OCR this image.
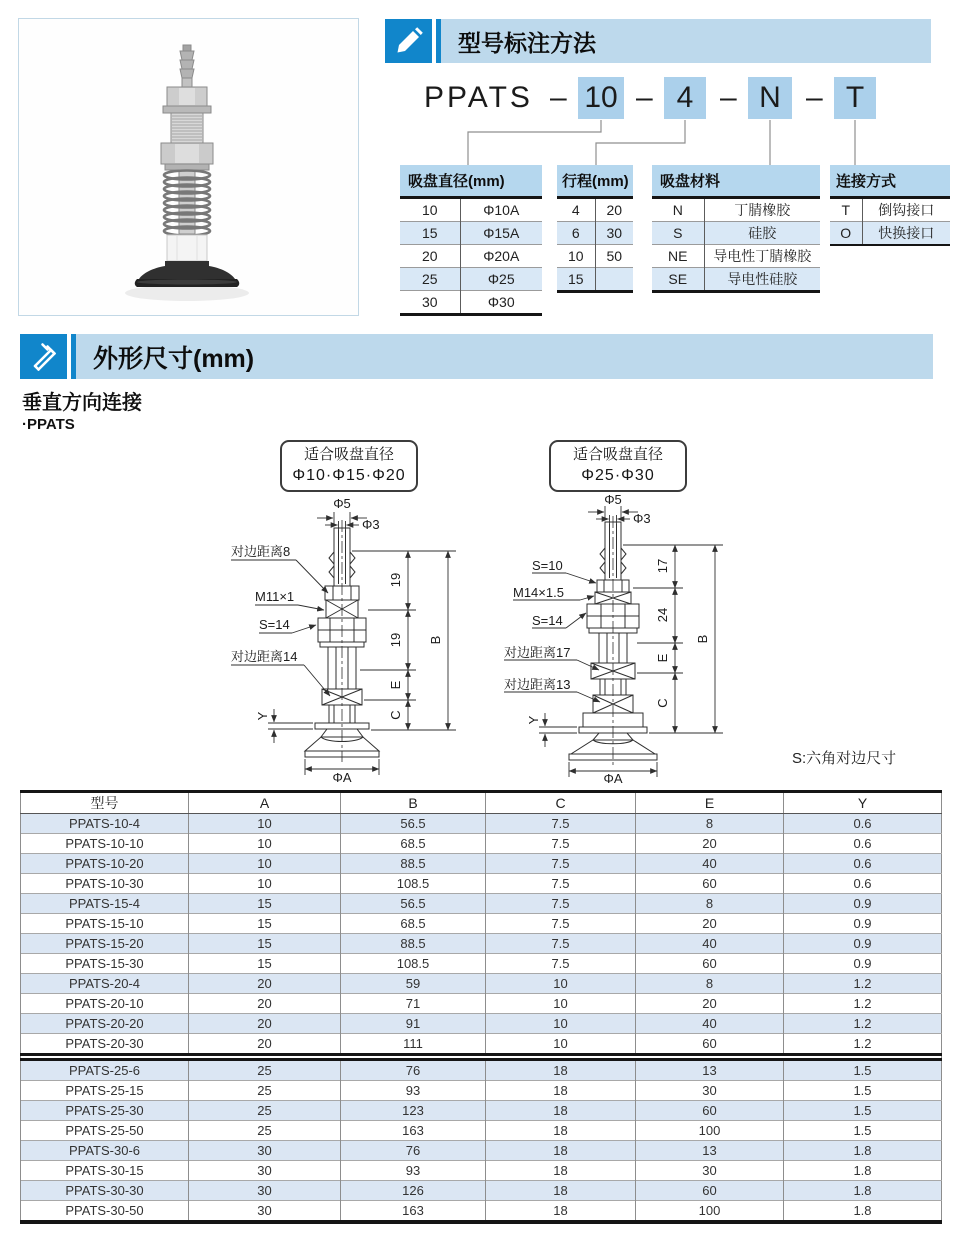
型号标注方法
PPATS – 10 – 4 – N – T
吸盘直径(mm)	
10	Φ10A
15	Φ15A
20	Φ20A
25	Φ25
30	Φ30
行程(mm)	
4	20
6	30
10	50
15	
吸盘材料	
N	丁腈橡胶
S	硅胶
NE	导电性丁腈橡胶
SE	导电性硅胶
连接方式	
T	倒钩接口
O	快换接口
外形尺寸(mm)
垂直方向连接
·PPATS
适合吸盘直径
Φ10·Φ15·Φ20
适合吸盘直径
Φ25·Φ30
Φ5
Φ3
对边距离8
M11×1
S=14
对边距离14
19
19
E
C
B
Y
ΦA
Φ5
Φ3
S=10
M14×1.5
S=14
对边距离17
对边距离13
17
24
E
C
B
Y
ΦA
S:六角对边尺寸
型号	A	B	C	E	Y
PPATS-10-4	10	56.5	7.5	8	0.6
PPATS-10-10	10	68.5	7.5	20	0.6
PPATS-10-20	10	88.5	7.5	40	0.6
PPATS-10-30	10	108.5	7.5	60	0.6
PPATS-15-4	15	56.5	7.5	8	0.9
PPATS-15-10	15	68.5	7.5	20	0.9
PPATS-15-20	15	88.5	7.5	40	0.9
PPATS-15-30	15	108.5	7.5	60	0.9
PPATS-20-4	20	59	10	8	1.2
PPATS-20-10	20	71	10	20	1.2
PPATS-20-20	20	91	10	40	1.2
PPATS-20-30	20	111	10	60	1.2

PPATS-25-6	25	76	18	13	1.5
PPATS-25-15	25	93	18	30	1.5
PPATS-25-30	25	123	18	60	1.5
PPATS-25-50	25	163	18	100	1.5
PPATS-30-6	30	76	18	13	1.8
PPATS-30-15	30	93	18	30	1.8
PPATS-30-30	30	126	18	60	1.8
PPATS-30-50	30	163	18	100	1.8
